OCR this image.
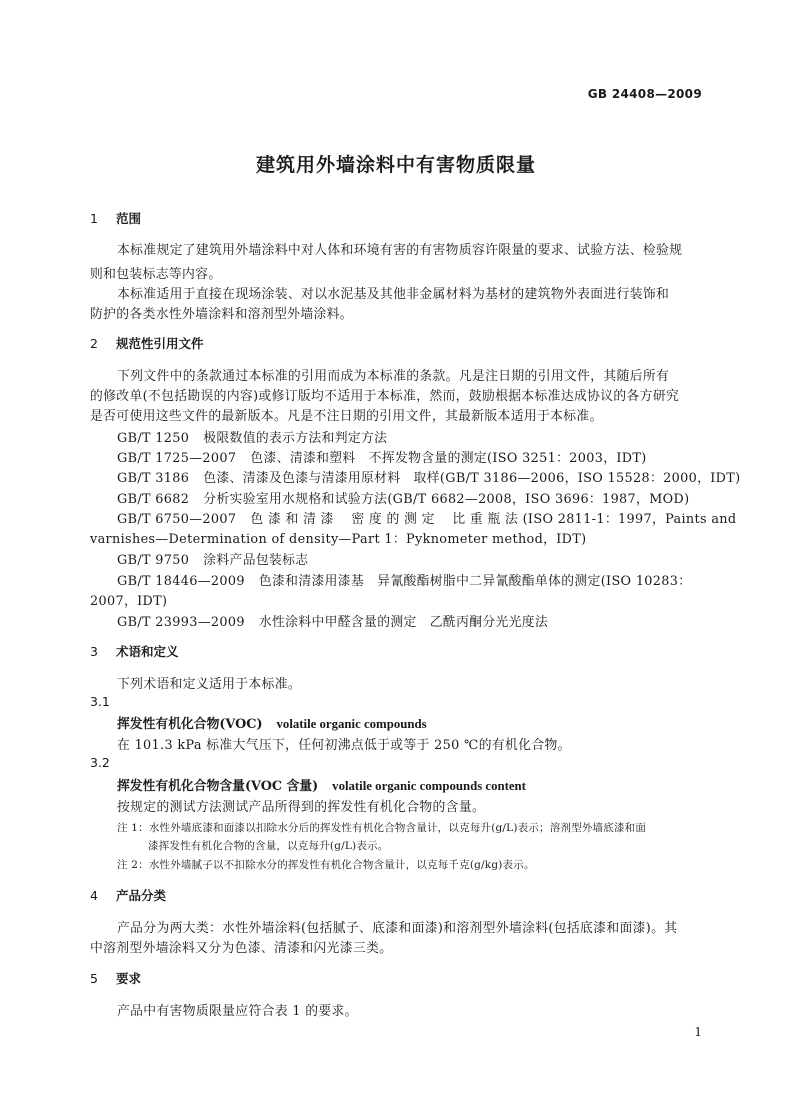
GB 24408—2009
建筑用外墙涂料中有害物质限量
1 范围
本标准规定了建筑用外墙涂料中对人体和环境有害的有害物质容许限量的要求、试验方法、检验规
则和包装标志等内容。
本标准适用于直接在现场涂装、对以水泥基及其他非金属材料为基材的建筑物外表面进行装饰和
防护的各类水性外墙涂料和溶剂型外墙涂料。
2 规范性引用文件
下列文件中的条款通过本标准的引用而成为本标准的条款。凡是注日期的引用文件，其随后所有
的修改单(不包括勘误的内容)或修订版均不适用于本标准，然而，鼓励根据本标准达成协议的各方研究
是否可使用这些文件的最新版本。凡是不注日期的引用文件，其最新版本适用于本标准。
GB/T 1250 极限数值的表示方法和判定方法
GB/T 1725—2007 色漆、清漆和塑料　不挥发物含量的测定(ISO 3251：2003，IDT)
GB/T 3186 色漆、清漆及色漆与清漆用原材料　取样(GB/T 3186—2006，ISO 15528：2000，IDT)
GB/T 6682 分析实验室用水规格和试验方法(GB/T 6682—2008，ISO 3696：1987，MOD)
GB/T 6750—2007 色 漆 和 清 漆　 密 度 的 测 定　 比 重 瓶 法 (ISO 2811-1：1997，Paints and
varnishes—Determination of density—Part 1：Pyknometer method，IDT)
GB/T 9750 涂料产品包装标志
GB/T 18446—2009 色漆和清漆用漆基　异氰酸酯树脂中二异氰酸酯单体的测定(ISO 10283：
2007，IDT)
GB/T 23993—2009 水性涂料中甲醛含量的测定　乙酰丙酮分光光度法
3 术语和定义
下列术语和定义适用于本标准。
3.1
挥发性有机化合物(VOC) volatile organic compounds
在 101.3 kPa 标准大气压下，任何初沸点低于或等于 250 ℃的有机化合物。
3.2
挥发性有机化合物含量(VOC 含量) volatile organic compounds content
按规定的测试方法测试产品所得到的挥发性有机化合物的含量。
注 1：水性外墙底漆和面漆以扣除水分后的挥发性有机化合物含量计，以克每升(g/L)表示；溶剂型外墙底漆和面
漆挥发性有机化合物的含量，以克每升(g/L)表示。
注 2：水性外墙腻子以不扣除水分的挥发性有机化合物含量计，以克每千克(g/kg)表示。
4 产品分类
产品分为两大类：水性外墙涂料(包括腻子、底漆和面漆)和溶剂型外墙涂料(包括底漆和面漆)。其
中溶剂型外墙涂料又分为色漆、清漆和闪光漆三类。
5 要求
产品中有害物质限量应符合表 1 的要求。
1
